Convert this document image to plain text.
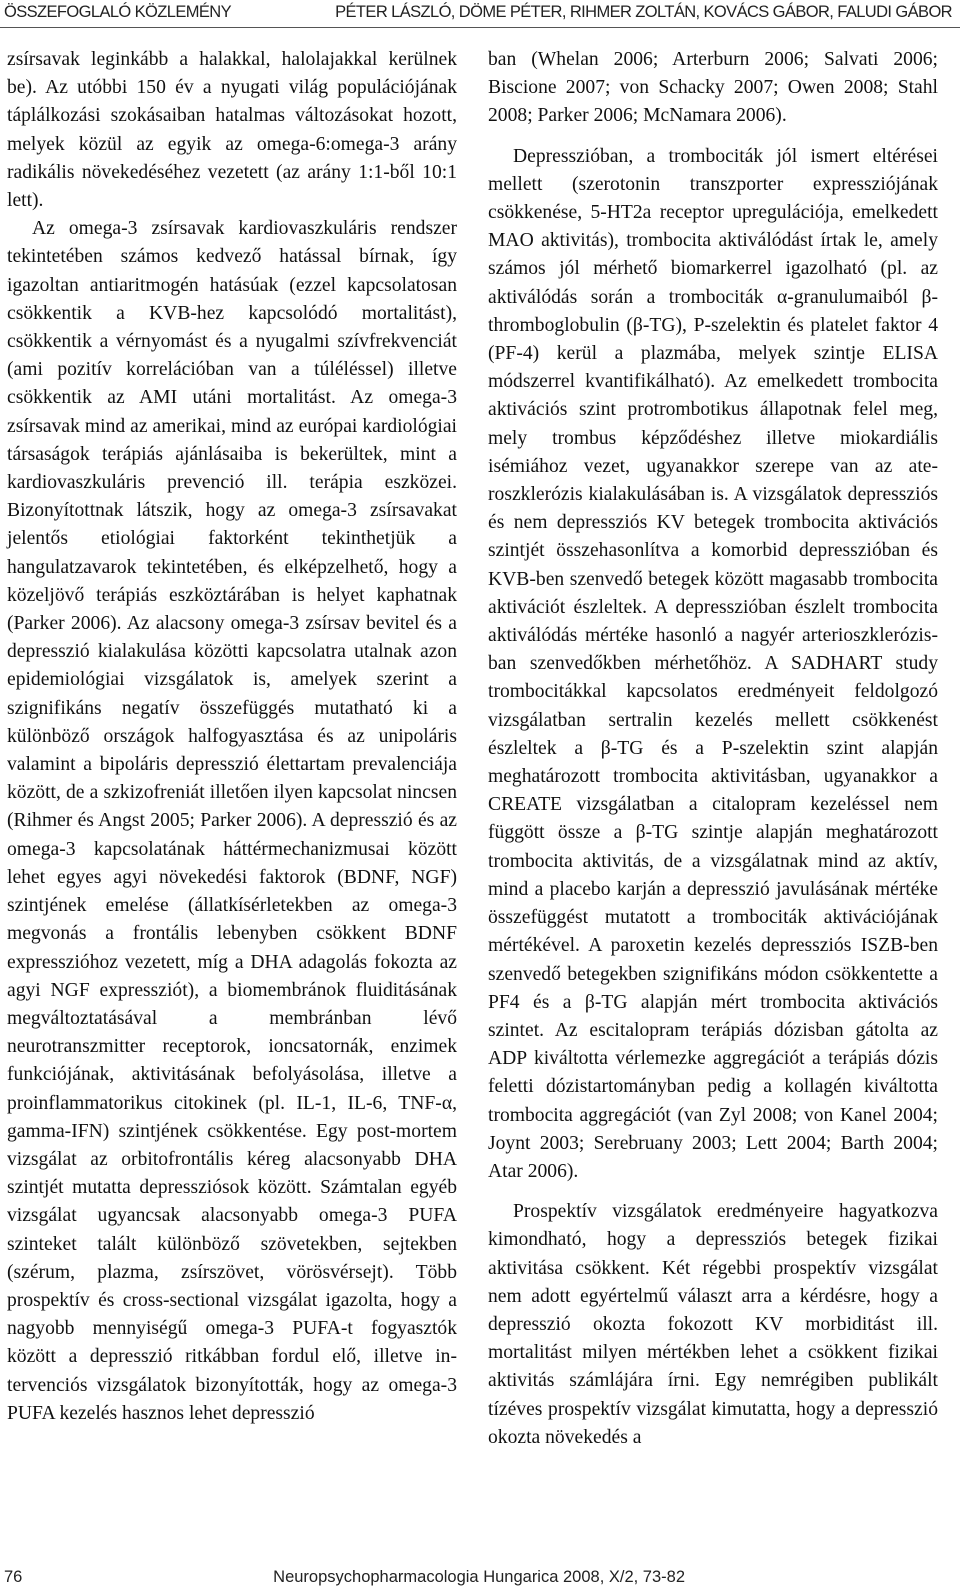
ÖSSZEFOGLALÓ KÖZLEMÉNY	PÉTER LÁSZLÓ, DÖME PÉTER, RIHMER ZOLTÁN, KOVÁCS GÁBOR, FALUDI GÁBOR

zsírsavak leginkább a halakkal, halolajakkal kerülnek be). Az utóbbi 150 év a nyugati világ populációjának táplálkozási szokásaiban hatalmas változásokat hozott, melyek közül az egyik az omega-6:omega-3 arány radikális növekedéséhez vezetett (az arány 1:1-ből 10:1 lett).

Az omega-3 zsírsavak kardiovaszkuláris rendszer tekintetében számos kedvező hatással bírnak, így igazoltan antiaritmogén hatásúak (ezzel kapcsolatosan csökkentik a KVB-hez kapcsolódó mortalitást), csökkentik a vérnyomást és a nyugalmi szívfrekvenciát (ami pozitív korrelációban van a túléléssel) illetve csökkentik az AMI utáni mortalitást. Az omega-3 zsírsavak mind az amerikai, mind az európai kardiológiai társaságok terápiás ajánlásaiba is bekerültek, mint a kardiovaszkuláris prevenció ill. terápia eszközei. Bizonyítottnak látszik, hogy az omega-3 zsírsavakat jelentős etiológiai faktorként tekinthetjük a hangulatzavarok tekintetében, és elképzelhető, hogy a közeljövő terápiás eszköztárában is helyet kaphatnak (Parker 2006). Az alacsony omega-3 zsírsav bevitel és a depresszió kialakulása közötti kapcsolatra utalnak azon epidemiológiai vizsgálatok is, amelyek szerint a szignifikáns negatív összefüggés mutatható ki a különböző országok halfogyasztása és az unipoláris valamint a bipoláris depresszió élettartam prevalenciája között, de a szkizofreniát illetően ilyen kapcsolat nincsen (Rihmer és Angst 2005; Parker 2006). A depresszió és az omega-3 kapcsolatának háttérmechanizmusai között lehet egyes agyi növekedési faktorok (BDNF, NGF) szintjének emelése (állatkísérletekben az omega-3 megvonás a frontális lebenyben csökkent BDNF expresszióhoz vezetett, míg a DHA adagolás fokozta az agyi NGF expressziót), a biomembránok fluiditásának megváltoztatásával a membránban lévő neurotranszmitter receptorok, ioncsatornák, enzimek funkciójának, aktivitásának befolyásolása, illetve a proinflammatorikus citokinek (pl. IL-1, IL-6, TNF-α, gamma-IFN) szintjének csökkentése. Egy post-mortem vizsgálat az orbitofrontális kéreg alacsonyabb DHA szintjét mutatta depressziósok között. Számtalan egyéb vizsgálat ugyancsak alacsonyabb omega-3 PUFA szinteket talált különböző szövetekben, sejtekben (szérum, plazma, zsírszövet, vörösvérsejt). Több prospektív és cross-sectional vizsgálat igazolta, hogy a nagyobb mennyiségű omega-3 PUFA-t fogyasztók között a depresszió ritkábban fordul elő, illetve intervenciós vizsgálatok bizonyították, hogy az omega-3 PUFA kezelés hasznos lehet depresszió

ban (Whelan 2006; Arterburn 2006; Salvati 2006; Biscione 2007; von Schacky 2007; Owen 2008; Stahl 2008; Parker 2006; McNamara 2006).

Depresszióban, a trombociták jól ismert eltérései mellett (szerotonin transzporter expressziójának csökkenése, 5-HT2a receptor upregulációja, emelkedett MAO aktivitás), trombocita aktiválódást írtak le, amely számos jól mérhető biomarkerrel igazolható (pl. az aktiválódás során a trombociták α-granulumaiból β-thromboglobulin (β-TG), P-szelektin és platelet faktor 4 (PF-4) kerül a plazmába, melyek szintje ELISA módszerrel kvantifikálható). Az emelkedett trombocita aktivációs szint protrombotikus állapotnak felel meg, mely trombus képződéshez illetve miokardiális isémiához vezet, ugyanakkor szerepe van az ateroszklerózis kialakulásában is. A vizsgálatok depressziós és nem depressziós KV betegek trombocita aktivációs szintjét összehasonlítva a komorbid depresszióban és KVB-ben szenvedő betegek között magasabb trombocita aktivációt észleltek. A depresszióban észlelt trombocita aktiválódás mértéke hasonló a nagyér arterioszklerózisban szenvedőkben mérhetőhöz. A SADHART study trombocitákkal kapcsolatos eredményeit feldolgozó vizsgálatban sertralin kezelés mellett csökkenést észleltek a β-TG és a P-szelektin szint alapján meghatározott trombocita aktivitásban, ugyanakkor a CREATE vizsgálatban a citalopram kezeléssel nem függött össze a β-TG szintje alapján meghatározott trombocita aktivitás, de a vizsgálatnak mind az aktív, mind a placebo karján a depresszió javulásának mértéke összefüggést mutatott a trombociták aktivációjának mértékével. A paroxetin kezelés depressziós ISZB-ben szenvedő betegekben szignifikáns módon csökkentette a PF4 és a β-TG alapján mért trombocita aktivációs szintet. Az escitalopram terápiás dózisban gátolta az ADP kiváltotta vérlemezke aggregációt a terápiás dózis feletti dózistartományban pedig a kollagén kiváltotta trombocita aggregációt (van Zyl 2008; von Kanel 2004; Joynt 2003; Serebruany 2003; Lett 2004; Barth 2004; Atar 2006).

Prospektív vizsgálatok eredményeire hagyatkozva kimondható, hogy a depressziós betegek fizikai aktivitása csökkent. Két régebbi prospektív vizsgálat nem adott egyértelmű választ arra a kérdésre, hogy a depresszió okozta fokozott KV morbiditást ill. mortalitást milyen mértékben lehet a csökkent fizikai aktivitás számlájára írni. Egy nemrégiben publikált tízéves prospektív vizsgálat kimutatta, hogy a depresszió okozta növekedés a

76	Neuropsychopharmacologia Hungarica 2008, X/2, 73-82
